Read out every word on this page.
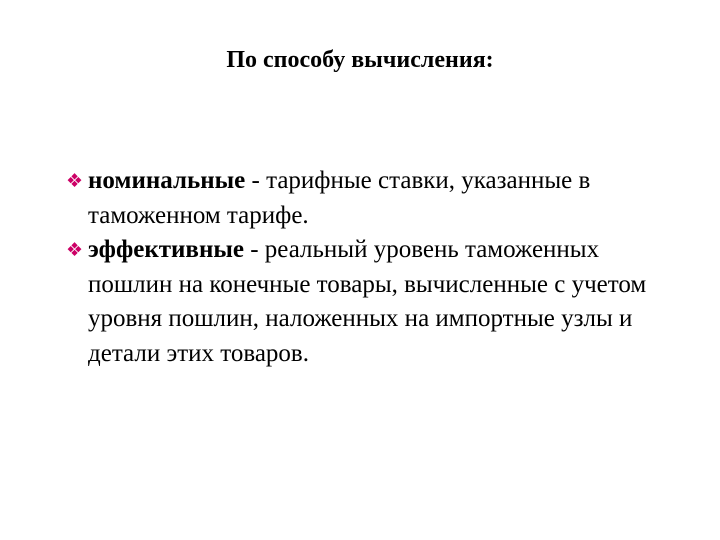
По способу вычисления:
❖ номинальные - тарифные ставки, указанные в таможенном тарифе.
❖ эффективные - реальный уровень таможенных пошлин на конечные товары, вычисленные с учетом уровня пошлин, наложенных на импортные узлы и детали этих товаров.
